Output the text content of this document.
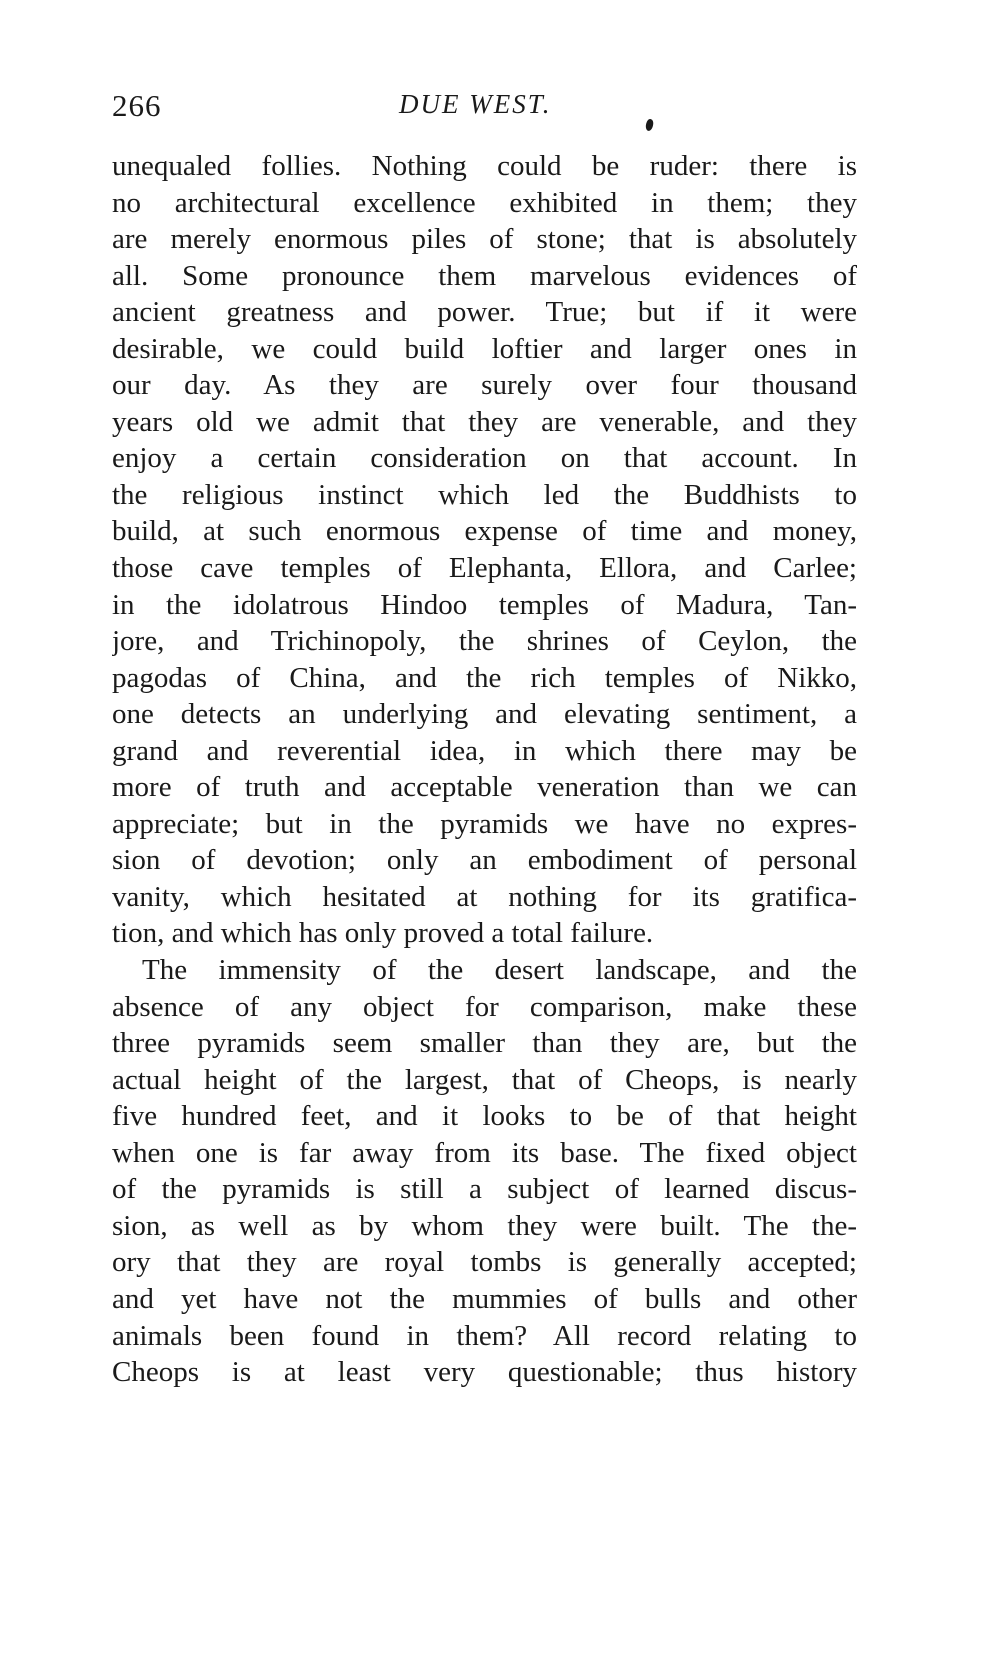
266	DUE WEST.
unequaled follies. Nothing could be ruder: there is
no architectural excellence exhibited in them; they
are merely enormous piles of stone; that is absolutely
all. Some pronounce them marvelous evidences of
ancient greatness and power. True; but if it were
desirable, we could build loftier and larger ones in
our day. As they are surely over four thousand
years old we admit that they are venerable, and they
enjoy a certain consideration on that account. In
the religious instinct which led the Buddhists to
build, at such enormous expense of time and money,
those cave temples of Elephanta, Ellora, and Carlee;
in the idolatrous Hindoo temples of Madura, Tan-
jore, and Trichinopoly, the shrines of Ceylon, the
pagodas of China, and the rich temples of Nikko,
one detects an underlying and elevating sentiment, a
grand and reverential idea, in which there may be
more of truth and acceptable veneration than we can
appreciate; but in the pyramids we have no expres-
sion of devotion; only an embodiment of personal
vanity, which hesitated at nothing for its gratifica-
tion, and which has only proved a total failure.
The immensity of the desert landscape, and the
absence of any object for comparison, make these
three pyramids seem smaller than they are, but the
actual height of the largest, that of Cheops, is nearly
five hundred feet, and it looks to be of that height
when one is far away from its base. The fixed object
of the pyramids is still a subject of learned discus-
sion, as well as by whom they were built. The the-
ory that they are royal tombs is generally accepted;
and yet have not the mummies of bulls and other
animals been found in them? All record relating to
Cheops is at least very questionable; thus history
